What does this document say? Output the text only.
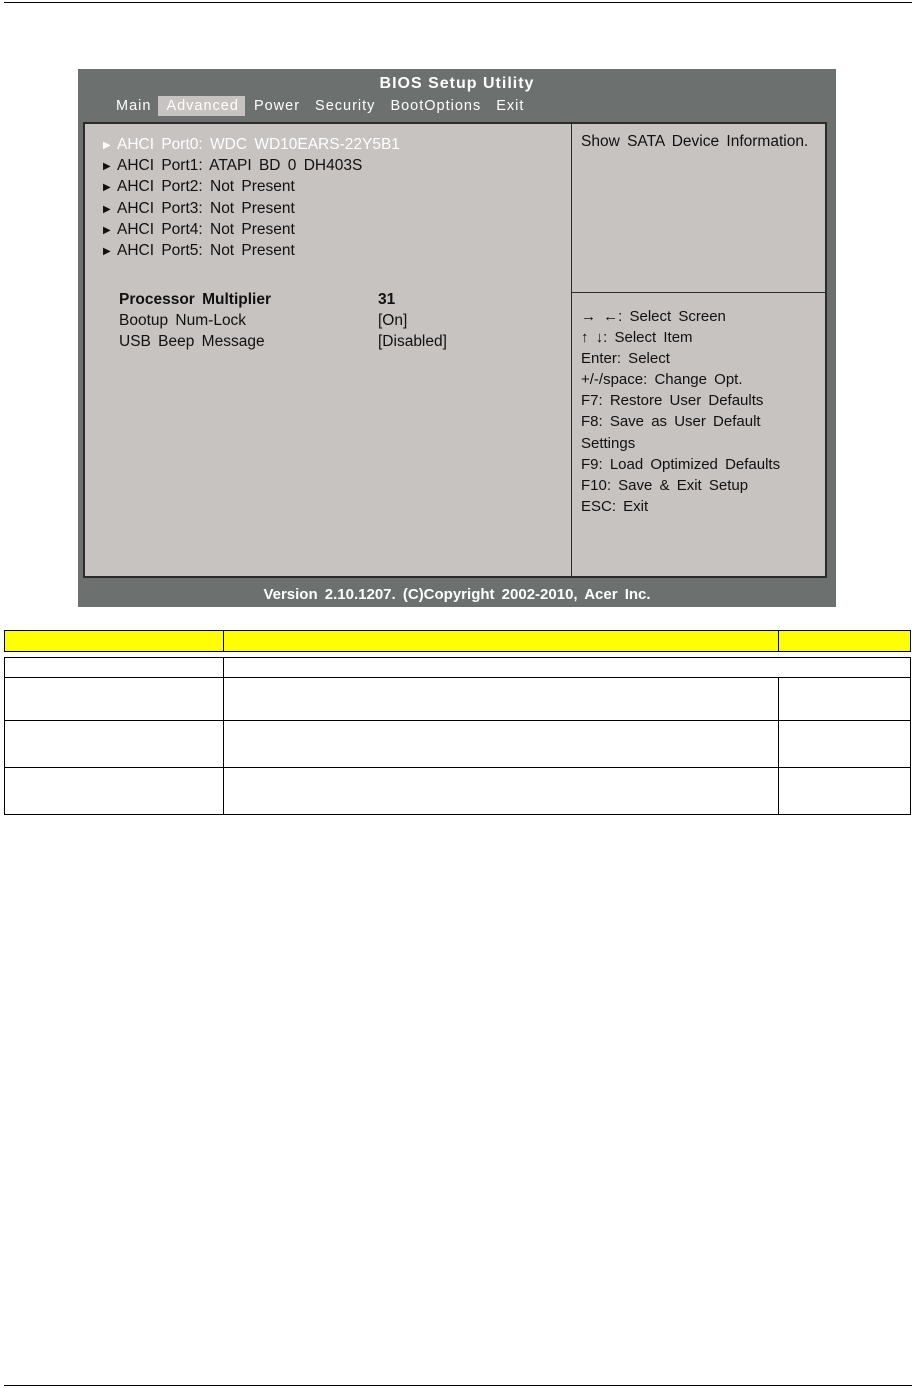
BIOS Setup Utility
Main	Advanced	Power	Security	BootOptions	Exit
▶ AHCI Port0: WDC WD10EARS-22Y5B1
▶ AHCI Port1: ATAPI BD 0 DH403S
▶ AHCI Port2: Not Present
▶ AHCI Port3: Not Present
▶ AHCI Port4: Not Present
▶ AHCI Port5: Not Present
Processor Multiplier	31
Bootup Num-Lock	[On]
USB Beep Message	[Disabled]
Show SATA Device Information.
→ ←: Select Screen
↑ ↓: Select Item
Enter: Select
+/-/space: Change Opt.
F7: Restore User Defaults
F8: Save as User Default
Settings
F9: Load Optimized Defaults
F10: Save & Exit Setup
ESC: Exit
Version 2.10.1207. (C)Copyright 2002-2010, Acer Inc.
